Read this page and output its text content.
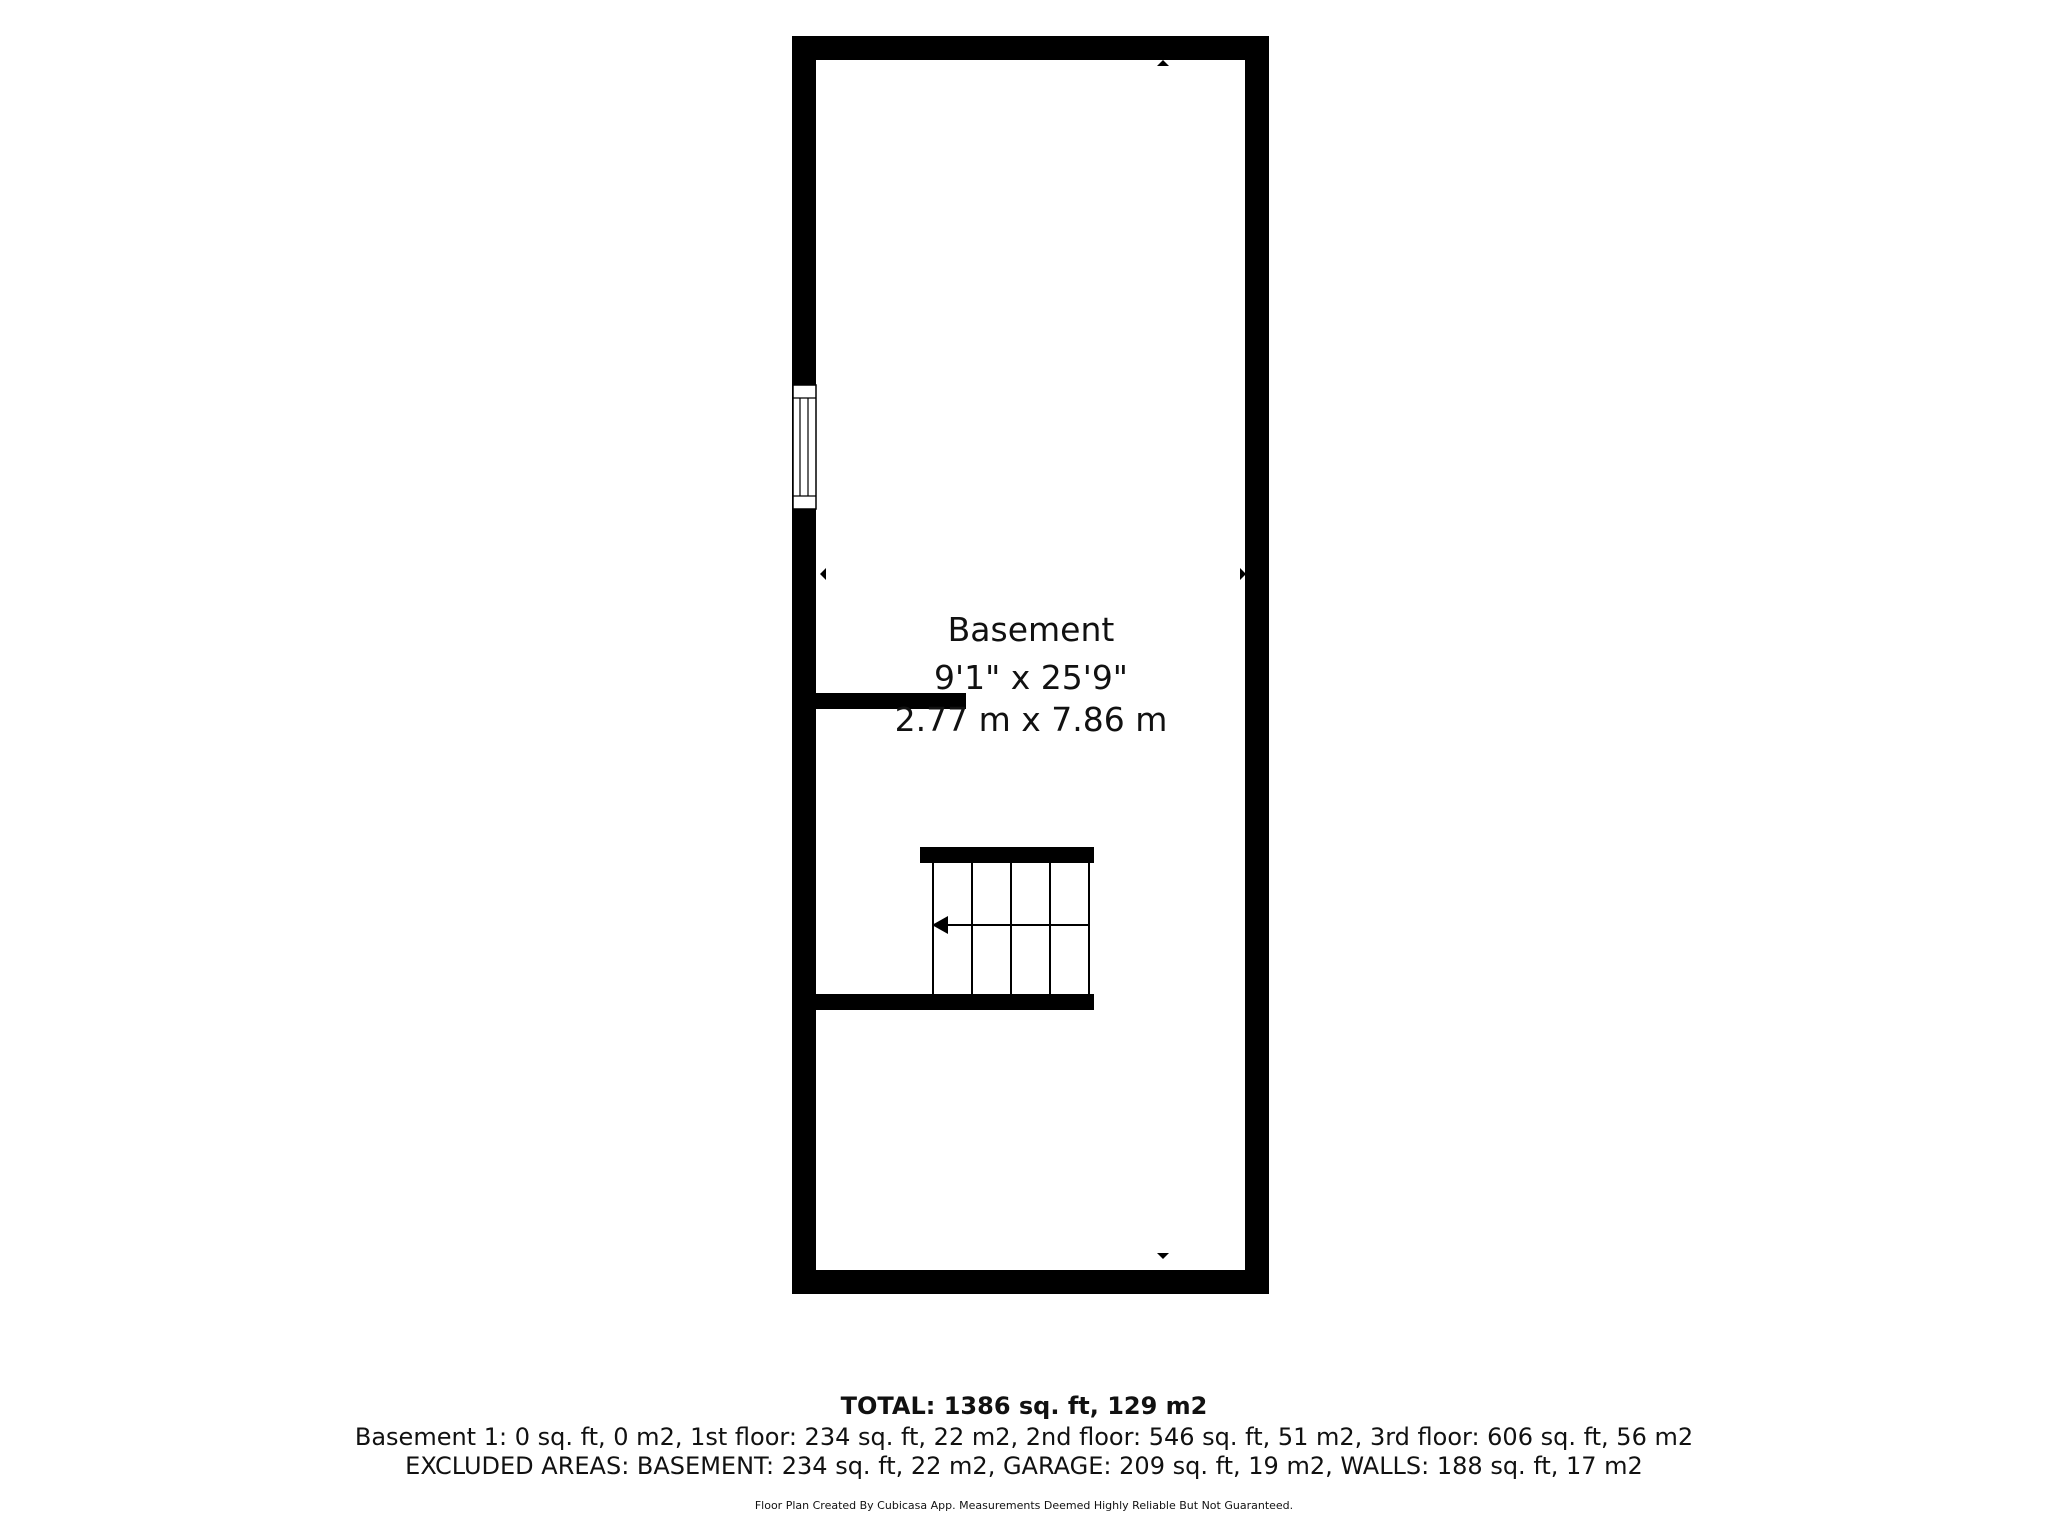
Basement
9'1" x 25'9"
2.77 m x 7.86 m
TOTAL: 1386 sq. ft, 129 m2
Basement 1: 0 sq. ft, 0 m2, 1st floor: 234 sq. ft, 22 m2, 2nd floor: 546 sq. ft, 51 m2, 3rd floor: 606 sq. ft, 56 m2
EXCLUDED AREAS: BASEMENT: 234 sq. ft, 22 m2, GARAGE: 209 sq. ft, 19 m2, WALLS: 188 sq. ft, 17 m2
Floor Plan Created By Cubicasa App. Measurements Deemed Highly Reliable But Not Guaranteed.
